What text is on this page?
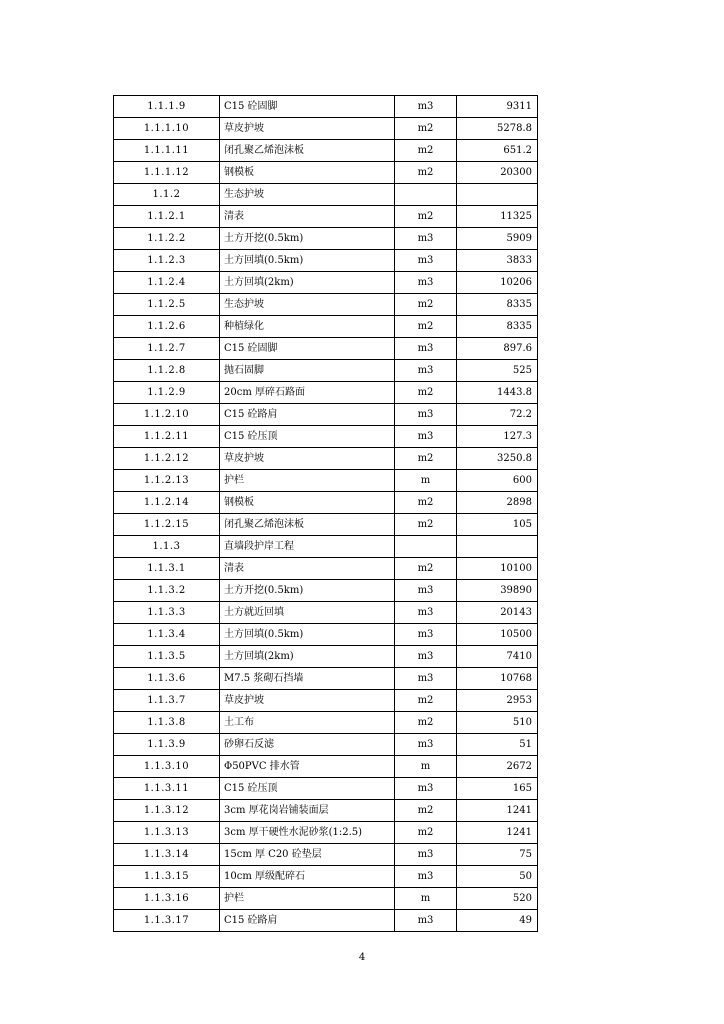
1.1.1.9	C15 砼固脚	m3	9311
1.1.1.10	草皮护坡	m2	5278.8
1.1.1.11	闭孔聚乙烯泡沫板	m2	651.2
1.1.1.12	钢模板	m2	20300
1.1.2	生态护坡		
1.1.2.1	清表	m2	11325
1.1.2.2	土方开挖(0.5km)	m3	5909
1.1.2.3	土方回填(0.5km)	m3	3833
1.1.2.4	土方回填(2km)	m3	10206
1.1.2.5	生态护坡	m2	8335
1.1.2.6	种植绿化	m2	8335
1.1.2.7	C15 砼固脚	m3	897.6
1.1.2.8	抛石固脚	m3	525
1.1.2.9	20cm 厚碎石路面	m2	1443.8
1.1.2.10	C15 砼路肩	m3	72.2
1.1.2.11	C15 砼压顶	m3	127.3
1.1.2.12	草皮护坡	m2	3250.8
1.1.2.13	护栏	m	600
1.1.2.14	钢模板	m2	2898
1.1.2.15	闭孔聚乙烯泡沫板	m2	105
1.1.3	直墙段护岸工程		
1.1.3.1	清表	m2	10100
1.1.3.2	土方开挖(0.5km)	m3	39890
1.1.3.3	土方就近回填	m3	20143
1.1.3.4	土方回填(0.5km)	m3	10500
1.1.3.5	土方回填(2km)	m3	7410
1.1.3.6	M7.5 浆砌石挡墙	m3	10768
1.1.3.7	草皮护坡	m2	2953
1.1.3.8	土工布	m2	510
1.1.3.9	砂卵石反滤	m3	51
1.1.3.10	Φ50PVC 排水管	m	2672
1.1.3.11	C15 砼压顶	m3	165
1.1.3.12	3cm 厚花岗岩铺装面层	m2	1241
1.1.3.13	3cm 厚干硬性水泥砂浆(1:2.5)	m2	1241
1.1.3.14	15cm 厚 C20 砼垫层	m3	75
1.1.3.15	10cm 厚级配碎石	m3	50
1.1.3.16	护栏	m	520
1.1.3.17	C15 砼路肩	m3	49
4
